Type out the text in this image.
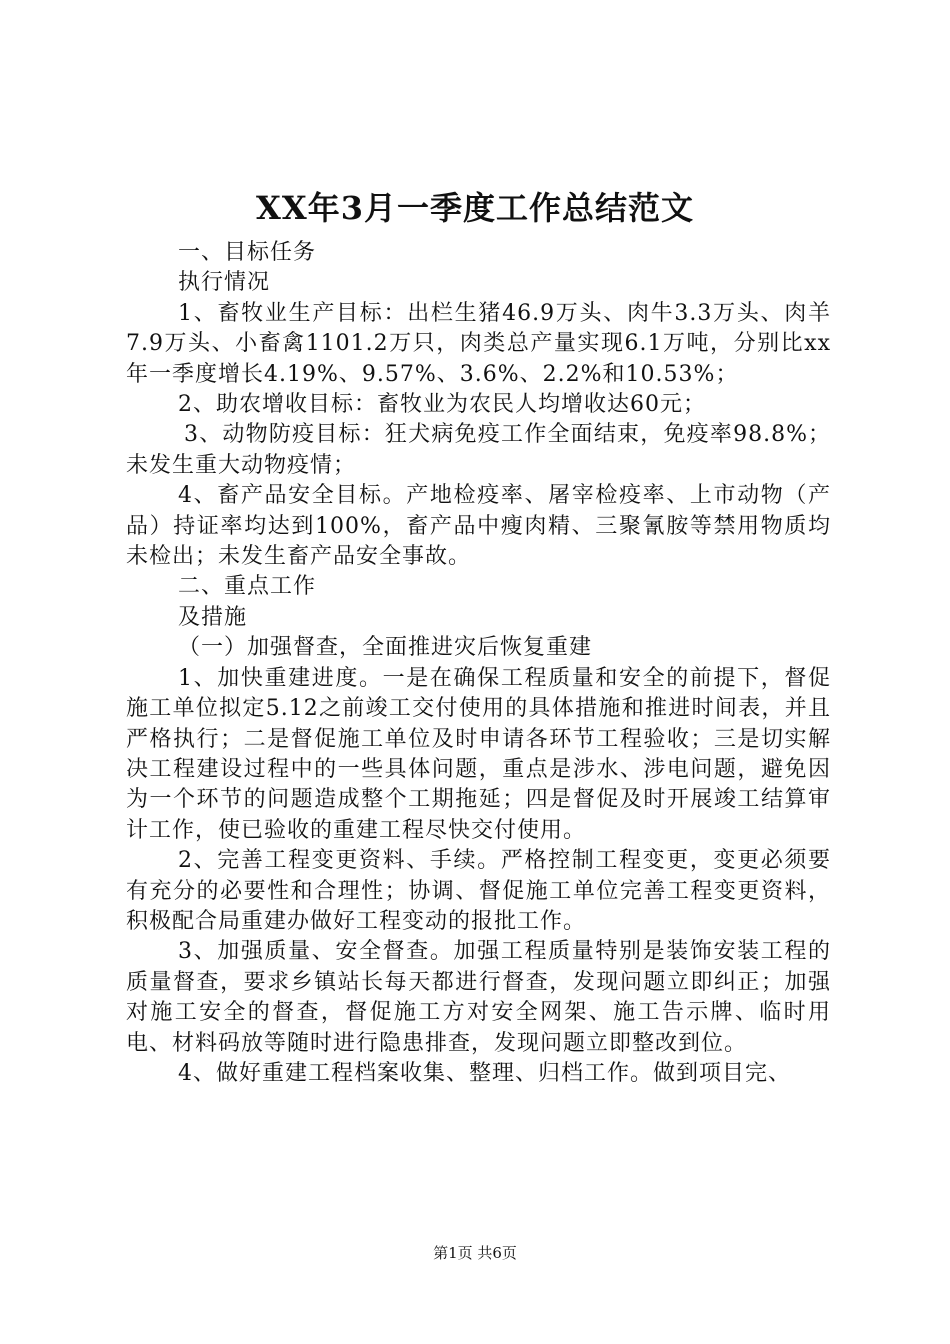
XX年3月一季度工作总结范文

一、目标任务

执行情况

1、畜牧业生产目标：出栏生猪46.9万头、肉牛3.3万头、肉羊7.9万头、小畜禽1101.2万只，肉类总产量实现6.1万吨，分别比xx年一季度增长4.19%、9.57%、3.6%、2.2%和10.53%；

2、助农增收目标：畜牧业为农民人均增收达60元；

3、动物防疫目标：狂犬病免疫工作全面结束，免疫率98.8%；未发生重大动物疫情；

4、畜产品安全目标。产地检疫率、屠宰检疫率、上市动物（产品）持证率均达到100%，畜产品中瘦肉精、三聚氰胺等禁用物质均未检出；未发生畜产品安全事故。

二、重点工作

及措施

（一）加强督查，全面推进灾后恢复重建

1、加快重建进度。一是在确保工程质量和安全的前提下，督促施工单位拟定5.12之前竣工交付使用的具体措施和推进时间表，并且严格执行；二是督促施工单位及时申请各环节工程验收；三是切实解决工程建设过程中的一些具体问题，重点是涉水、涉电问题，避免因为一个环节的问题造成整个工期拖延；四是督促及时开展竣工结算审计工作，使已验收的重建工程尽快交付使用。

2、完善工程变更资料、手续。严格控制工程变更，变更必须要有充分的必要性和合理性；协调、督促施工单位完善工程变更资料，积极配合局重建办做好工程变动的报批工作。

3、加强质量、安全督查。加强工程质量特别是装饰安装工程的质量督查，要求乡镇站长每天都进行督查，发现问题立即纠正；加强对施工安全的督查，督促施工方对安全网架、施工告示牌、临时用电、材料码放等随时进行隐患排查，发现问题立即整改到位。

4、做好重建工程档案收集、整理、归档工作。做到项目完、

第1页 共6页
